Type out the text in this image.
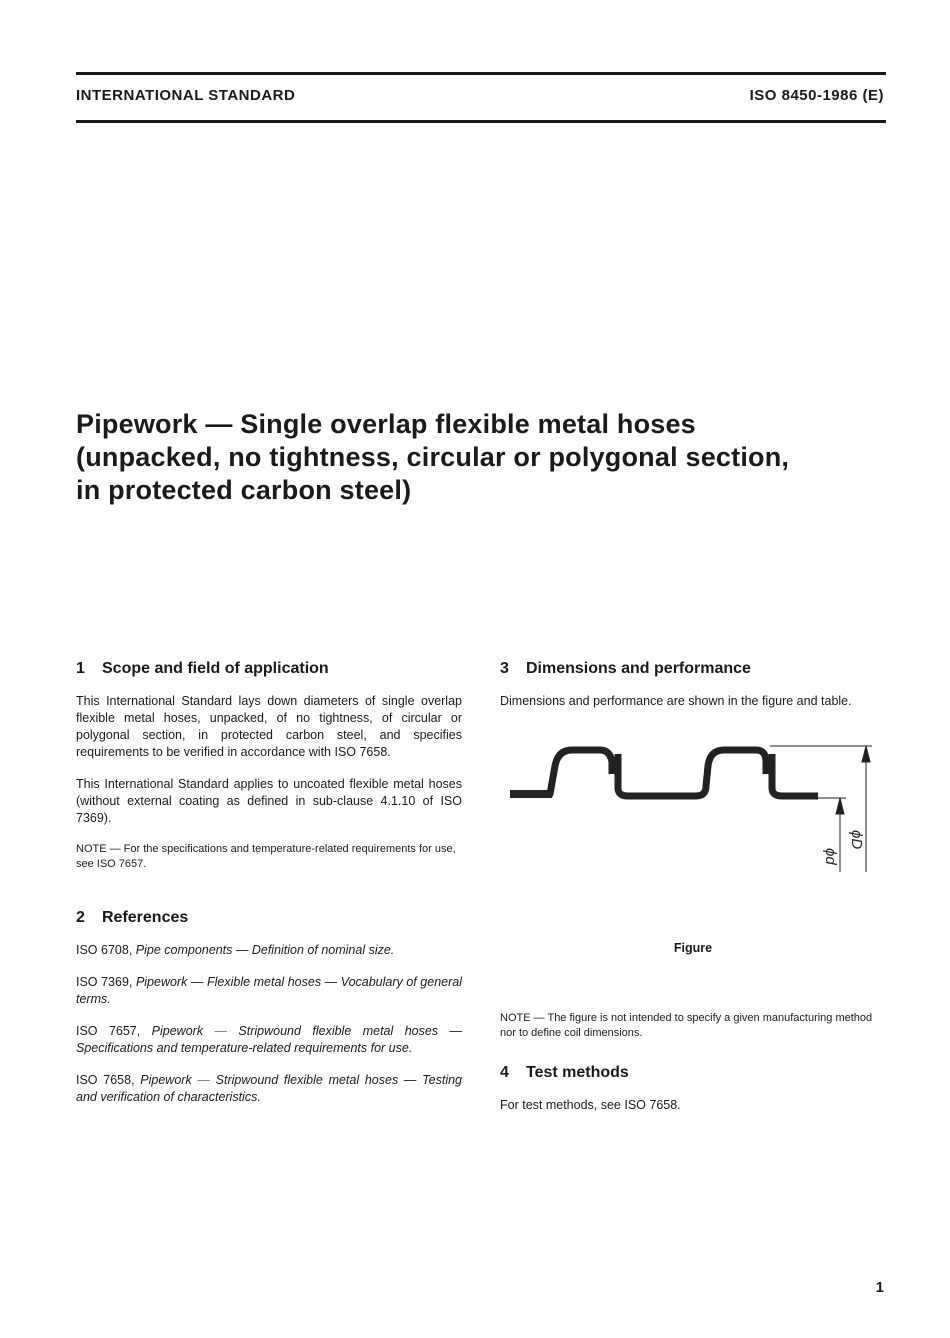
INTERNATIONAL STANDARD	ISO 8450-1986 (E)
Pipework — Single overlap flexible metal hoses
(unpacked, no tightness, circular or polygonal section,
in protected carbon steel)
1 Scope and field of application

This International Standard lays down diameters of single overlap flexible metal hoses, unpacked, of no tightness, of circular or polygonal section, in protected carbon steel, and specifies requirements to be verified in accordance with ISO 7658.

This International Standard applies to uncoated flexible metal hoses (without external coating as defined in sub-clause 4.1.10 of ISO 7369).

NOTE — For the specifications and temperature-related requirements for use, see ISO 7657.

2 References

ISO 6708, Pipe components — Definition of nominal size.

ISO 7369, Pipework — Flexible metal hoses — Vocabulary of general terms.

ISO 7657, Pipework — Stripwound flexible metal hoses — Specifications and temperature-related requirements for use.

ISO 7658, Pipework — Stripwound flexible metal hoses — Testing and verification of characteristics.

3 Dimensions and performance

Dimensions and performance are shown in the figure and table.

ϕd
ϕD
Figure

NOTE — The figure is not intended to specify a given manufacturing method nor to define coil dimensions.

4 Test methods

For test methods, see ISO 7658.

1
